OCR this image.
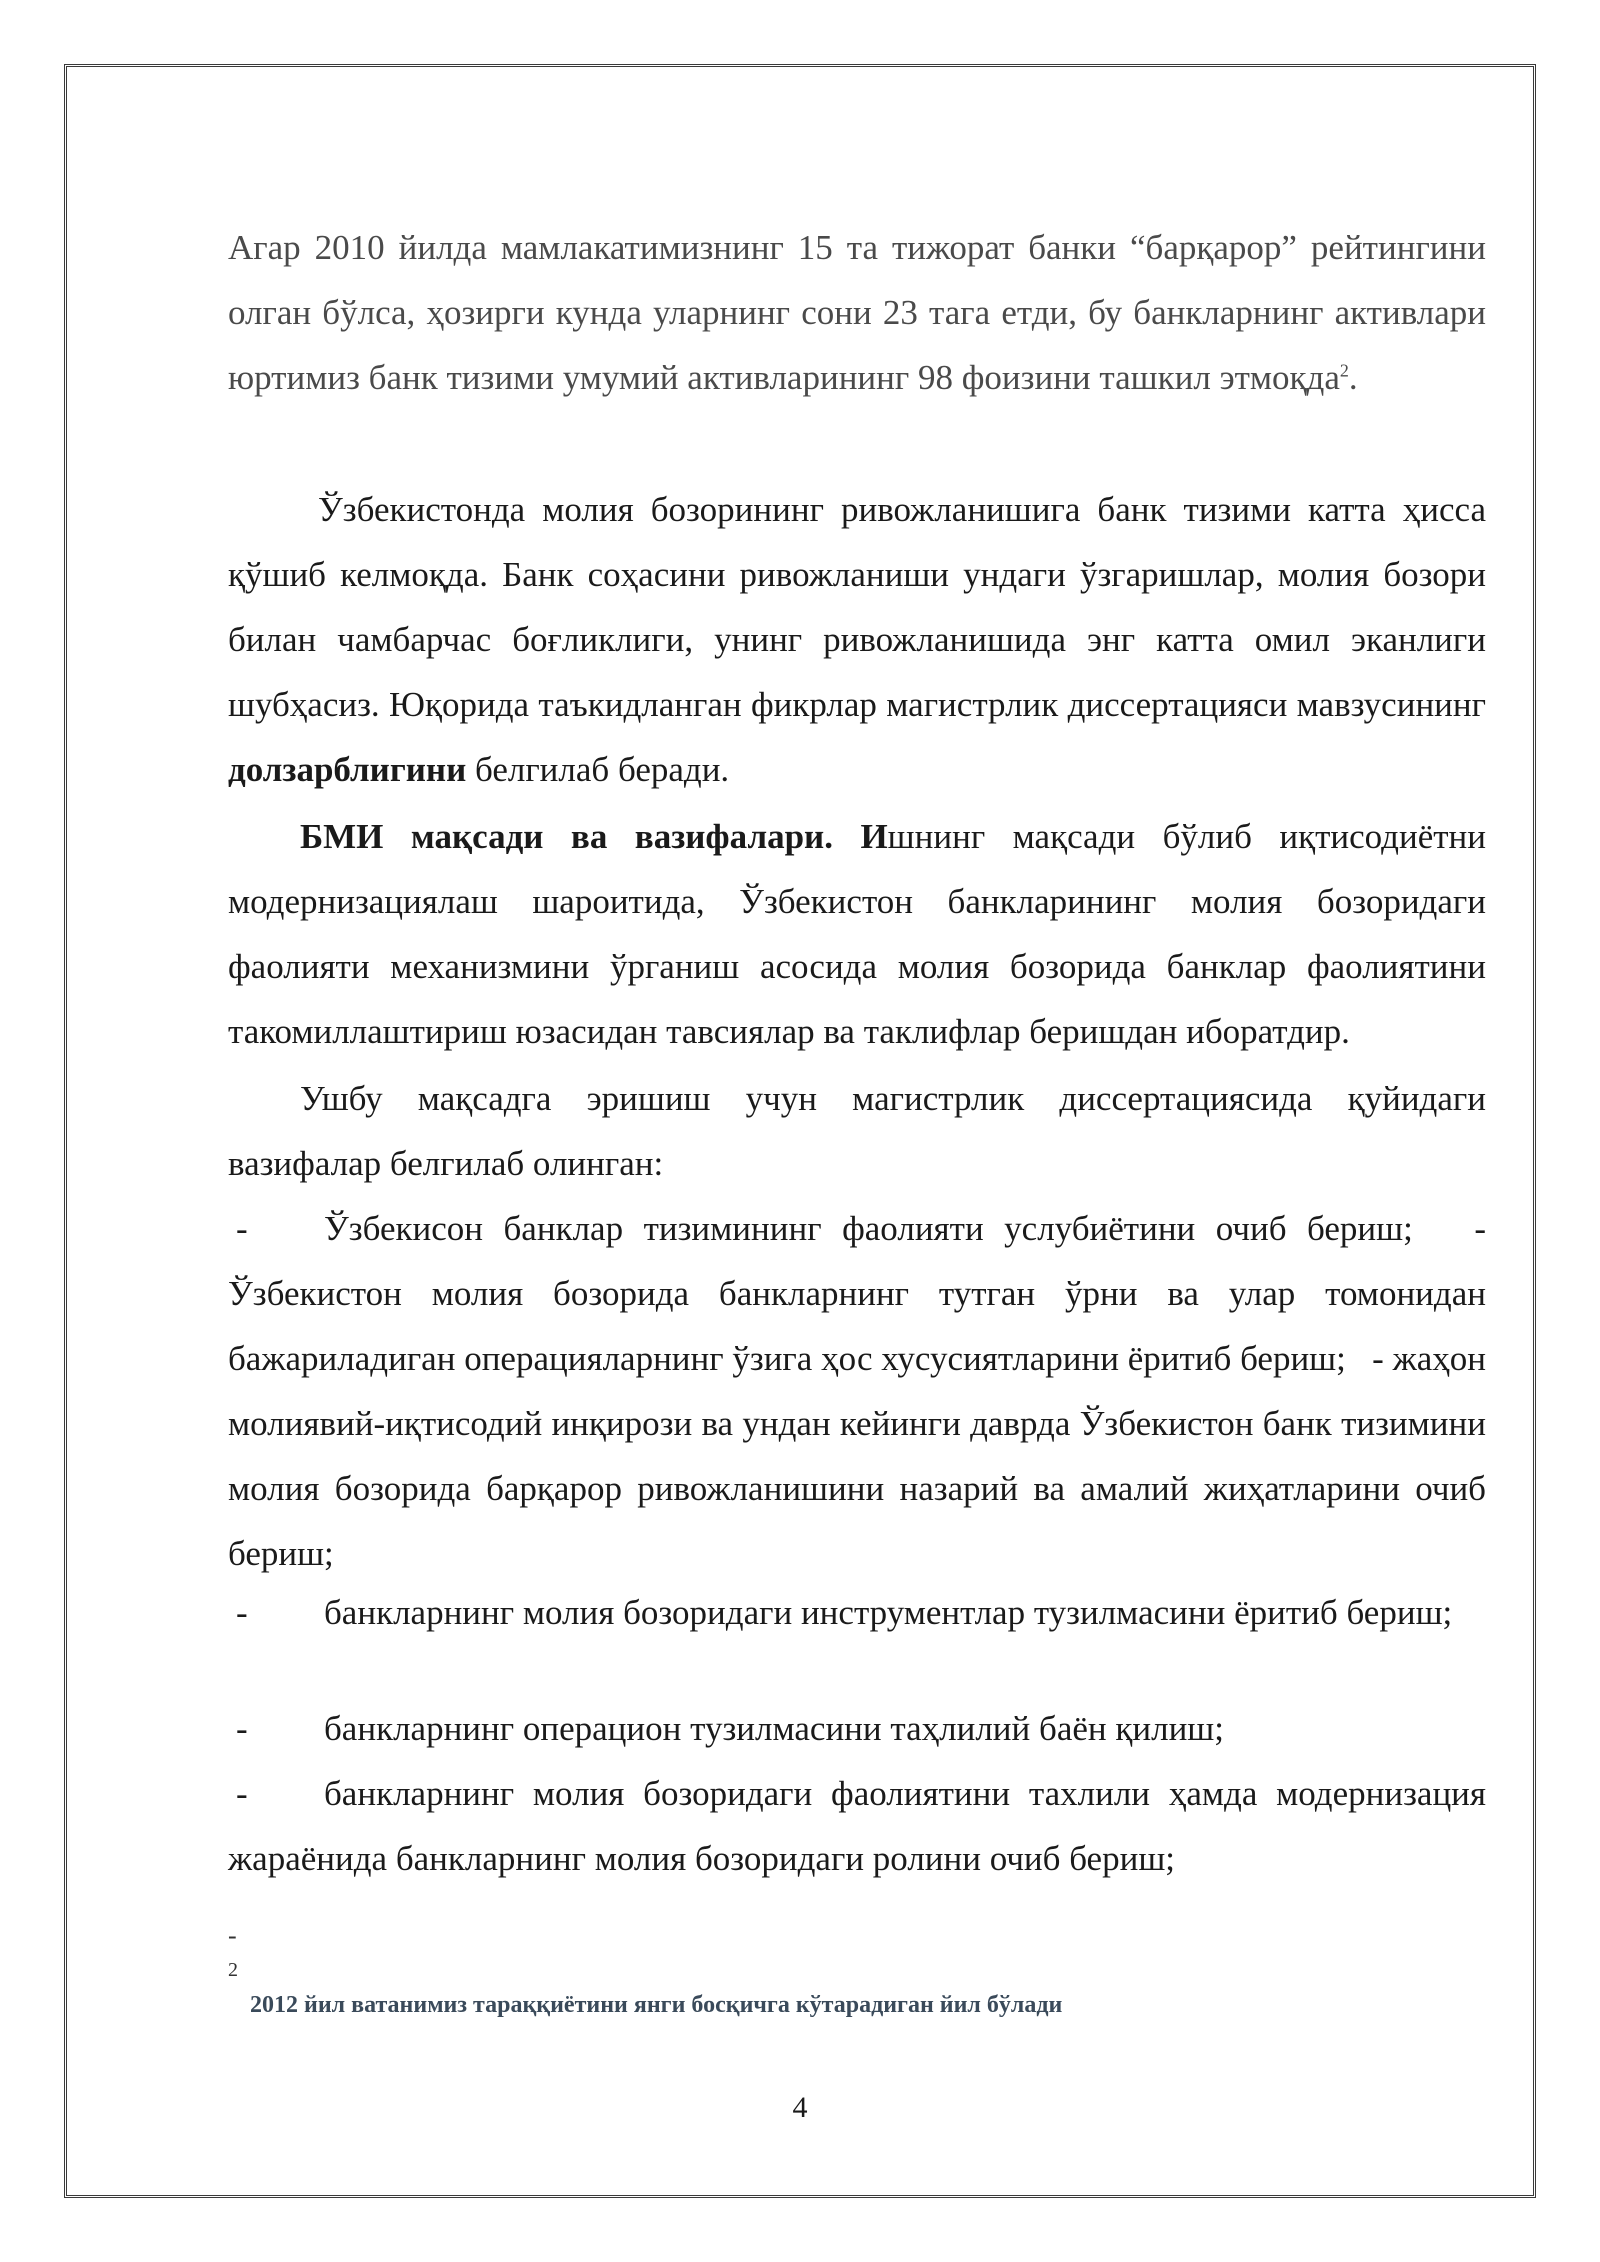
Агар 2010 йилда мамлакатимизнинг 15 та тижорат банки “барқарор” рейтингини олган бўлса, ҳозирги кунда уларнинг сони 23 тага етди, бу банкларнинг активлари юртимиз банк тизими умумий активларининг 98 фоизини ташкил этмоқда$^2$.

Ўзбекистонда молия бозорининг ривожланишига банк тизими катта ҳисса қўшиб келмоқда. Банк соҳасини ривожланиши ундаги ўзгаришлар, молия бозори билан чамбарчас боғликлиги, унинг ривожланишида энг катта омил эканлиги шубҳасиз. Юқорида таъкидланган фикрлар магистрлик диссертацияси мавзусининг долзарблигини белгилаб беради.

БМИ мақсади ва вазифалари. Ишнинг мақсади бўлиб иқтисодиётни модернизациялаш шароитида, Ўзбекистон банкларининг молия бозоридаги фаолияти механизмини ўрганиш асосида молия бозорида банклар фаолиятини такомиллаштириш юзасидан тавсиялар ва таклифлар беришдан иборатдир.

Ушбу мақсадга эришиш учун магистрлик диссертациясида қуйидаги вазифалар белгилаб олинган:

- Ўзбекисон банклар тизимининг фаолияти услубиётини очиб бериш; - Ўзбекистон молия бозорида банкларнинг тутган ўрни ва улар томонидан бажариладиган операцияларнинг ўзига ҳос хусусиятларини ёритиб бериш; - жаҳон молиявий-иқтисодий инқирози ва ундан кейинги даврда Ўзбекистон банк тизимини молия бозорида барқарор ривожланишини назарий ва амалий жиҳатларини очиб бериш;

- банкларнинг молия бозоридаги инструментлар тузилмасини ёритиб бериш;

- банкларнинг операцион тузилмасини таҳлилий баён қилиш;

- банкларнинг молия бозоридаги фаолиятини тахлили ҳамда модернизация жараёнида банкларнинг молия бозоридаги ролини очиб бериш;

-
2
2012 йил ватанимиз тараққиётини янги босқичга кўтарадиган йил бўлади
4
